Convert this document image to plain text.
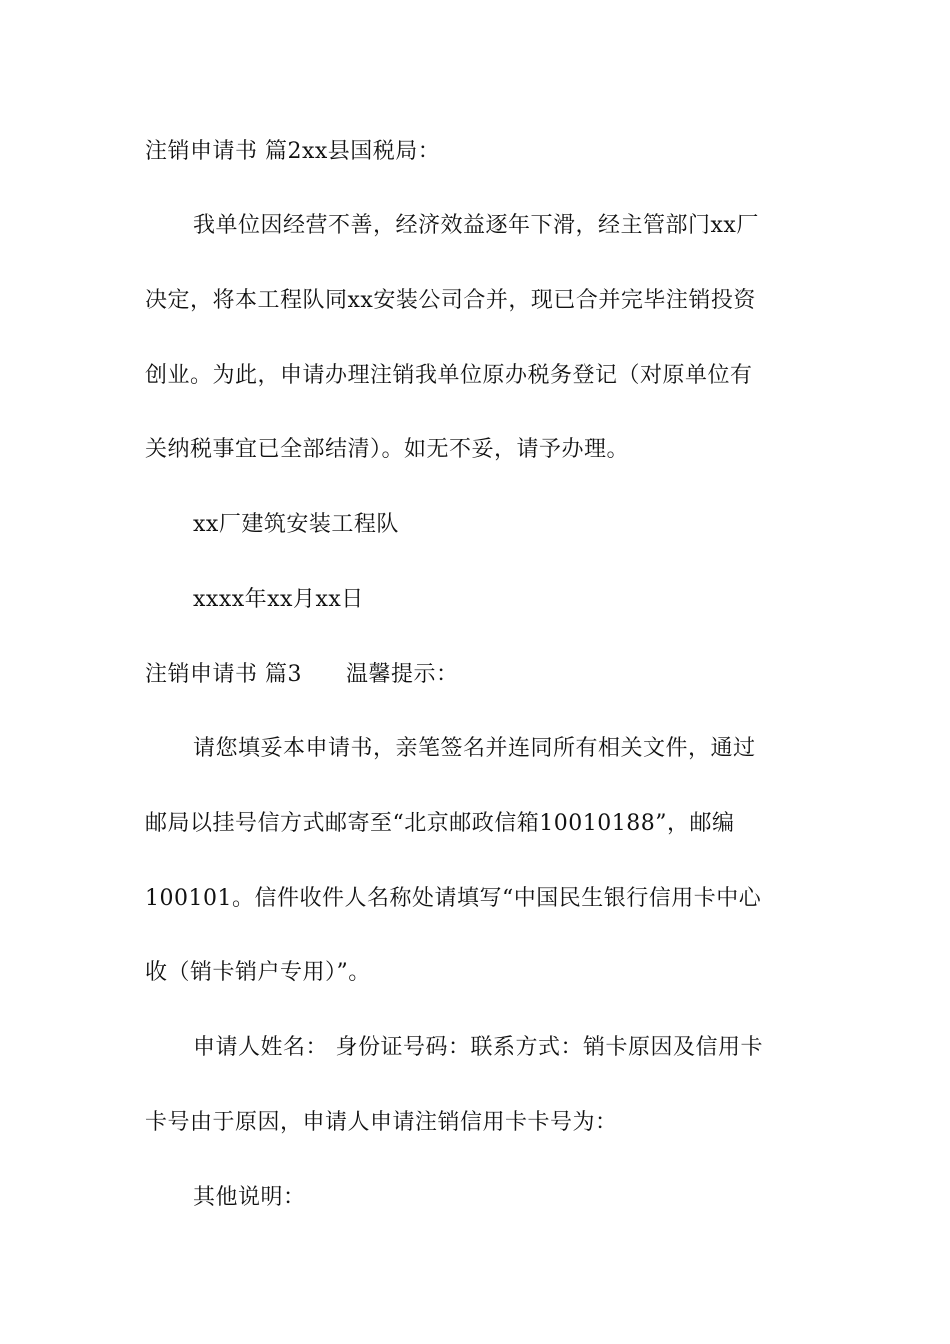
注销申请书 篇2xx县国税局：
我单位因经营不善，经济效益逐年下滑，经主管部门xx厂
决定，将本工程队同xx安装公司合并，现已合并完毕注销投资
创业。为此，申请办理注销我单位原办税务登记（对原单位有
关纳税事宜已全部结清）。如无不妥，请予办理。
xx厂建筑安装工程队
xxxx年xx月xx日
注销申请书 篇3 温馨提示：
请您填妥本申请书，亲笔签名并连同所有相关文件，通过
邮局以挂号信方式邮寄至“北京邮政信箱10010188”，邮编
100101。信件收件人名称处请填写“中国民生银行信用卡中心
收（销卡销户专用）”。
申请人姓名： 身份证号码：联系方式：销卡原因及信用卡
卡号由于原因，申请人申请注销信用卡卡号为：
其他说明：
